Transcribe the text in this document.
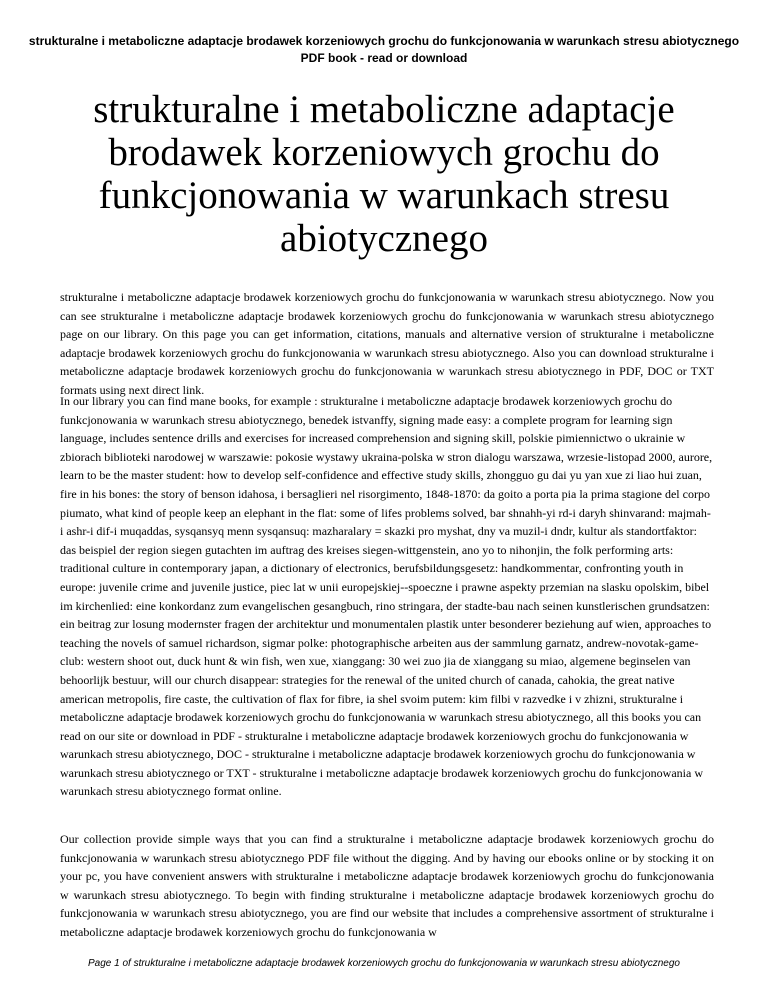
strukturalne i metaboliczne adaptacje brodawek korzeniowych grochu do funkcjonowania w warunkach stresu abiotycznego PDF book - read or download
strukturalne i metaboliczne adaptacje brodawek korzeniowych grochu do funkcjonowania w warunkach stresu abiotycznego

strukturalne i metaboliczne adaptacje brodawek korzeniowych grochu do funkcjonowania w warunkach stresu abiotycznego. Now you can see strukturalne i metaboliczne adaptacje brodawek korzeniowych grochu do funkcjonowania w warunkach stresu abiotycznego page on our library. On this page you can get information, citations, manuals and alternative version of strukturalne i metaboliczne adaptacje brodawek korzeniowych grochu do funkcjonowania w warunkach stresu abiotycznego. Also you can download strukturalne i metaboliczne adaptacje brodawek korzeniowych grochu do funkcjonowania w warunkach stresu abiotycznego in PDF, DOC or TXT formats using next direct link.

In our library you can find mane books, for example : strukturalne i metaboliczne adaptacje brodawek korzeniowych grochu do funkcjonowania w warunkach stresu abiotycznego, benedek istvanffy, signing made easy: a complete program for learning sign language, includes sentence drills and exercises for increased comprehension and signing skill, polskie pimiennictwo o ukrainie w zbiorach biblioteki narodowej w warszawie: pokosie wystawy ukraina-polska w stron dialogu warszawa, wrzesie-listopad 2000, aurore, learn to be the master student: how to develop self-confidence and effective study skills, zhongguo gu dai yu yan xue zi liao hui zuan, fire in his bones: the story of benson idahosa, i bersaglieri nel risorgimento, 1848-1870: da goito a porta pia la prima stagione del corpo piumato, what kind of people keep an elephant in the flat: some of lifes problems solved, bar shnahh-yi rd-i daryh shinvarand: majmah-i ashr-i dif-i muqaddas, sysqansyq menn sysqansuq: mazharalary = skazki pro myshat, dny va muzil-i dndr, kultur als standortfaktor: das beispiel der region siegen gutachten im auftrag des kreises siegen-wittgenstein, ano yo to nihonjin, the folk performing arts: traditional culture in contemporary japan, a dictionary of electronics, berufsbildungsgesetz: handkommentar, confronting youth in europe: juvenile crime and juvenile justice, piec lat w unii europejskiej--spoeczne i prawne aspekty przemian na slasku opolskim, bibel im kirchenlied: eine konkordanz zum evangelischen gesangbuch, rino stringara, der stadte-bau nach seinen kunstlerischen grundsatzen: ein beitrag zur losung modernster fragen der architektur und monumentalen plastik unter besonderer beziehung auf wien, approaches to teaching the novels of samuel richardson, sigmar polke: photographische arbeiten aus der sammlung garnatz, andrew-novotak-game-club: western shoot out, duck hunt & win fish, wen xue, xianggang: 30 wei zuo jia de xianggang su miao, algemene beginselen van behoorlijk bestuur, will our church disappear: strategies for the renewal of the united church of canada, cahokia, the great native american metropolis, fire caste, the cultivation of flax for fibre, ia shel svoim putem: kim filbi v razvedke i v zhizni, strukturalne i metaboliczne adaptacje brodawek korzeniowych grochu do funkcjonowania w warunkach stresu abiotycznego, all this books you can read on our site or download in PDF - strukturalne i metaboliczne adaptacje brodawek korzeniowych grochu do funkcjonowania w warunkach stresu abiotycznego, DOC - strukturalne i metaboliczne adaptacje brodawek korzeniowych grochu do funkcjonowania w warunkach stresu abiotycznego or TXT - strukturalne i metaboliczne adaptacje brodawek korzeniowych grochu do funkcjonowania w warunkach stresu abiotycznego format online.

Our collection provide simple ways that you can find a strukturalne i metaboliczne adaptacje brodawek korzeniowych grochu do funkcjonowania w warunkach stresu abiotycznego PDF file without the digging. And by having our ebooks online or by stocking it on your pc, you have convenient answers with strukturalne i metaboliczne adaptacje brodawek korzeniowych grochu do funkcjonowania w warunkach stresu abiotycznego. To begin with finding strukturalne i metaboliczne adaptacje brodawek korzeniowych grochu do funkcjonowania w warunkach stresu abiotycznego, you are find our website that includes a comprehensive assortment of strukturalne i metaboliczne adaptacje brodawek korzeniowych grochu do funkcjonowania w

Page 1 of strukturalne i metaboliczne adaptacje brodawek korzeniowych grochu do funkcjonowania w warunkach stresu abiotycznego
